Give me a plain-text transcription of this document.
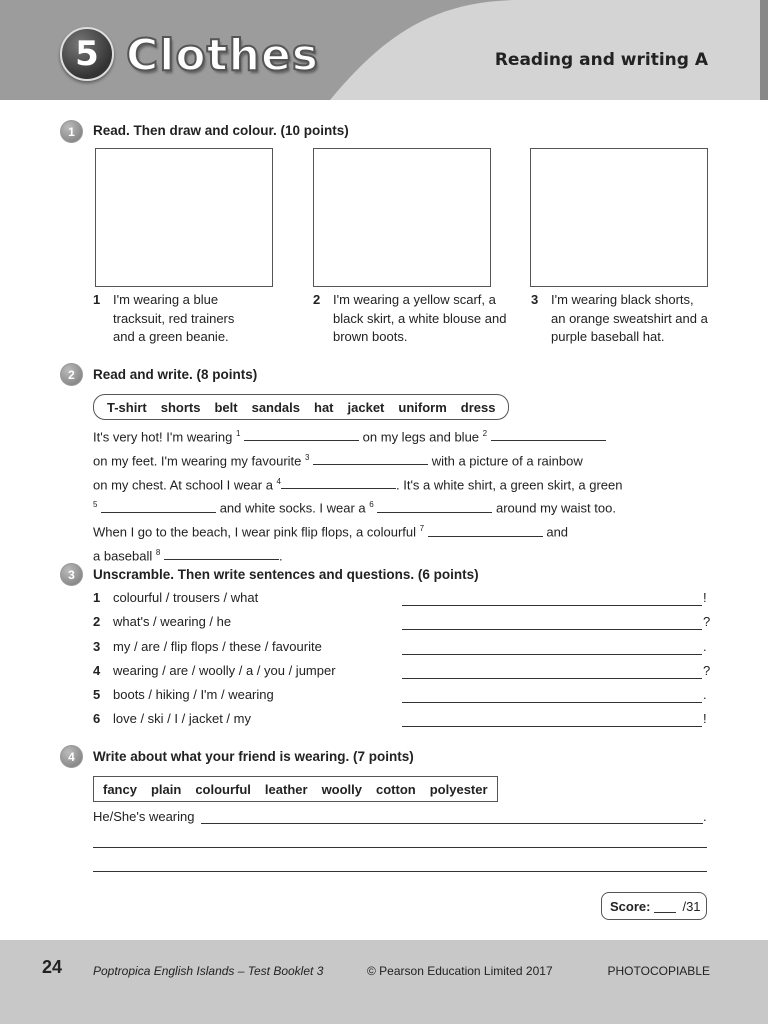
5 Clothes	Reading and writing A
1	Read. Then draw and colour. (10 points)
1 I'm wearing a blue tracksuit, red trainers and a green beanie.
2 I'm wearing a yellow scarf, a black skirt, a white blouse and brown boots.
3 I'm wearing black shorts, an orange sweatshirt and a purple baseball hat.
2	Read and write. (8 points)
T-shirt	shorts	belt	sandals	hat	jacket	uniform	dress
It's very hot! I'm wearing $^1$	on my legs and blue $^2$
on my feet. I'm wearing my favourite $^3$	with a picture of a rainbow
on my chest. At school I wear a $^4$	. It's a white shirt, a green skirt, a green
$^5$	and white socks. I wear a $^6$	around my waist too.
When I go to the beach, I wear pink flip flops, a colourful $^7$	and
a baseball $^8$	.
3	Unscramble. Then write sentences and questions. (6 points)
1 colourful / trousers / what	!
2 what's / wearing / he	?
3 my / are / flip flops / these / favourite	.
4 wearing / are / woolly / a / you / jumper	?
5 boots / hiking / I'm / wearing	.
6 love / ski / I / jacket / my	!
4	Write about what your friend is wearing. (7 points)
fancy	plain	colourful	leather	woolly	cotton	polyester
He/She's wearing	.
Score: /31
24	Poptropica English Islands – Test Booklet 3	© Pearson Education Limited 2017	PHOTOCOPIABLE
